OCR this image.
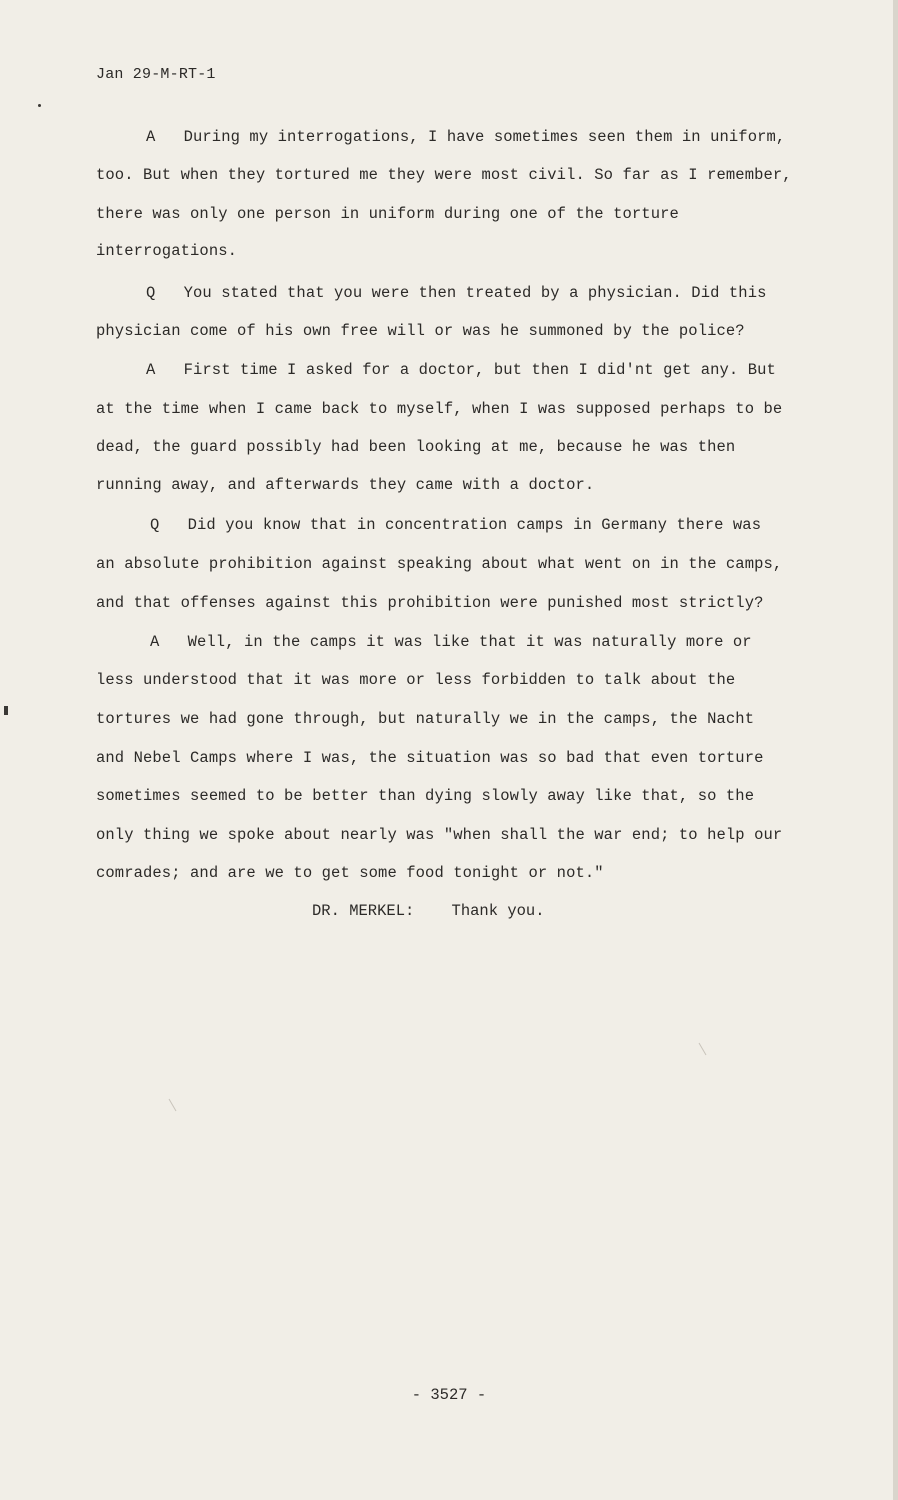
Jan 29-M-RT-1
A   During my interrogations, I have sometimes seen them in uniform,
too. But when they tortured me they were most civil. So far as I remember,
there was only one person in uniform during one of the torture
interrogations.
Q   You stated that you were then treated by a physician. Did this
physician come of his own free will or was he summoned by the police?
A   First time I asked for a doctor, but then I did'nt get any. But
at the time when I came back to myself, when I was supposed perhaps to be
dead, the guard possibly had been looking at me, because he was then
running away, and afterwards they came with a doctor.
Q   Did you know that in concentration camps in Germany there was
an absolute prohibition against speaking about what went on in the camps,
and that offenses against this prohibition were punished most strictly?
A   Well, in the camps it was like that it was naturally more or
less understood that it was more or less forbidden to talk about the
tortures we had gone through, but naturally we in the camps, the Nacht
and Nebel Camps where I was, the situation was so bad that even torture
sometimes seemed to be better than dying slowly away like that, so the
only thing we spoke about nearly was "when shall the war end; to help our
comrades; and are we to get some food tonight or not."
DR. MERKEL:    Thank you.
- 3527 -
